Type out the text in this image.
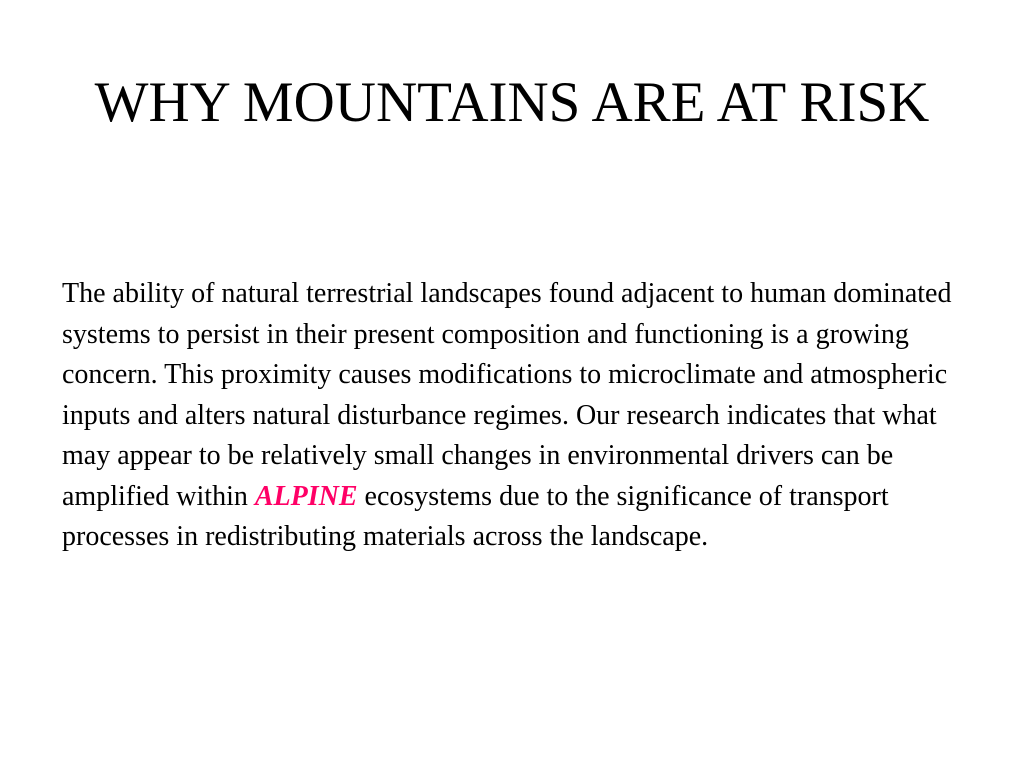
WHY MOUNTAINS ARE AT RISK

The ability of natural terrestrial landscapes found adjacent to human dominated systems to persist in their present composition and functioning is a growing concern. This proximity causes modifications to microclimate and atmospheric inputs and alters natural disturbance regimes. Our research indicates that what may appear to be relatively small changes in environmental drivers can be amplified within ALPINE ecosystems due to the significance of transport processes in redistributing materials across the landscape.
